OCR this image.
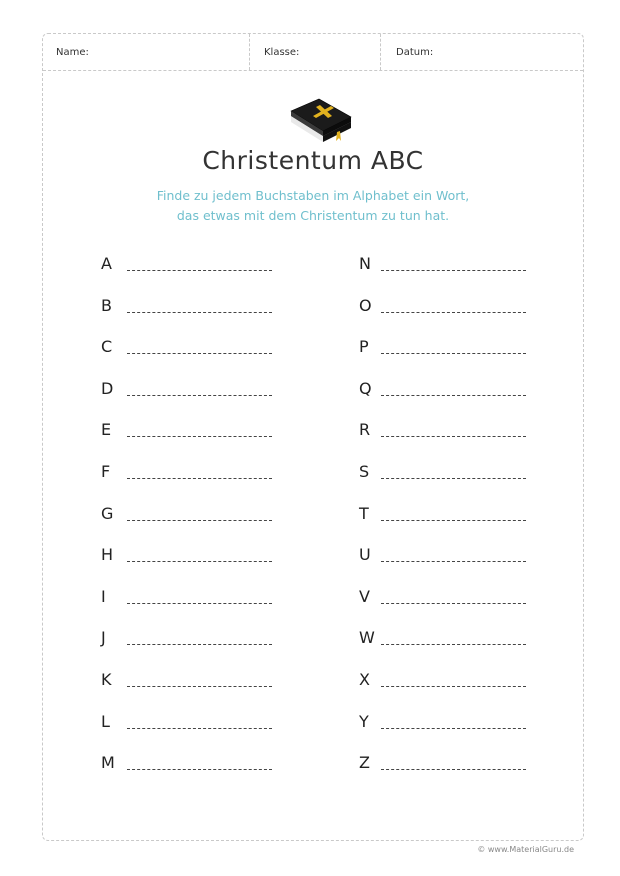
Name:	Klasse:	Datum:
Christentum ABC
Finde zu jedem Buchstaben im Alphabet ein Wort,
das etwas mit dem Christentum zu tun hat.
A
B
C
D
E
F
G
H
I
J
K
L
M
N
O
P
Q
R
S
T
U
V
W
X
Y
Z
© www.MaterialGuru.de
